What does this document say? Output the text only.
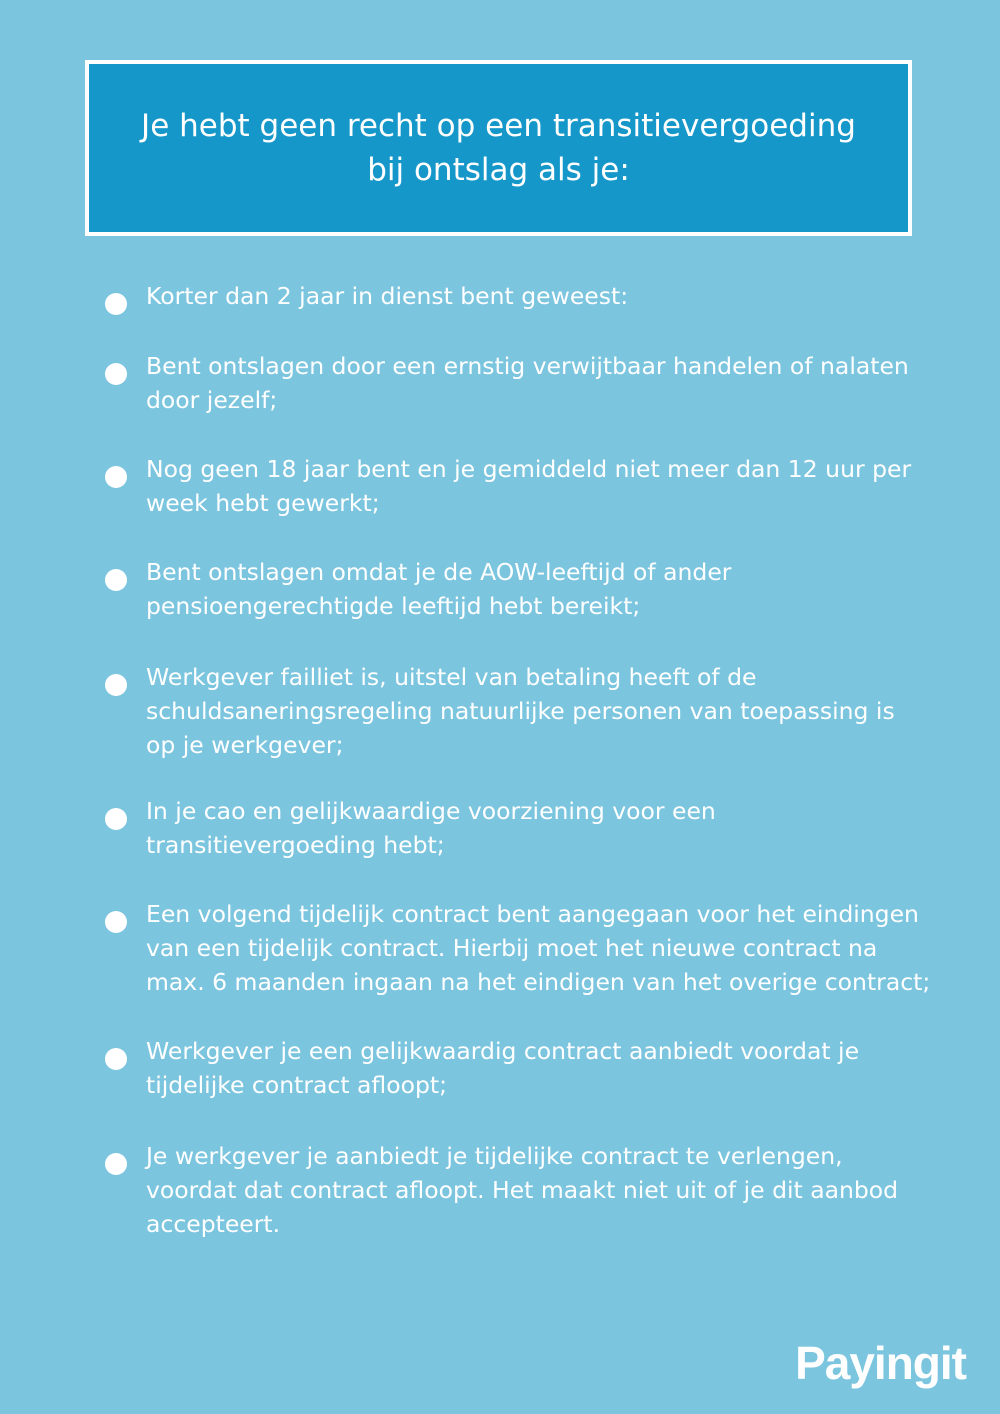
Je hebt geen recht op een transitievergoeding
bij ontslag als je:

Korter dan 2 jaar in dienst bent geweest:

Bent ontslagen door een ernstig verwijtbaar handelen of nalaten door jezelf;

Nog geen 18 jaar bent en je gemiddeld niet meer dan 12 uur per week hebt gewerkt;

Bent ontslagen omdat je de AOW-leeftijd of ander pensioengerechtigde leeftijd hebt bereikt;

Werkgever failliet is, uitstel van betaling heeft of de schuldsaneringsregeling natuurlijke personen van toepassing is op je werkgever;

In je cao en gelijkwaardige voorziening voor een transitievergoeding hebt;

Een volgend tijdelijk contract bent aangegaan voor het eindingen van een tijdelijk contract. Hierbij moet het nieuwe contract na max. 6 maanden ingaan na het eindigen van het overige contract;

Werkgever je een gelijkwaardig contract aanbiedt voordat je tijdelijke contract afloopt;

Je werkgever je aanbiedt je tijdelijke contract te verlengen, voordat dat contract afloopt. Het maakt niet uit of je dit aanbod accepteert.

Payingit
